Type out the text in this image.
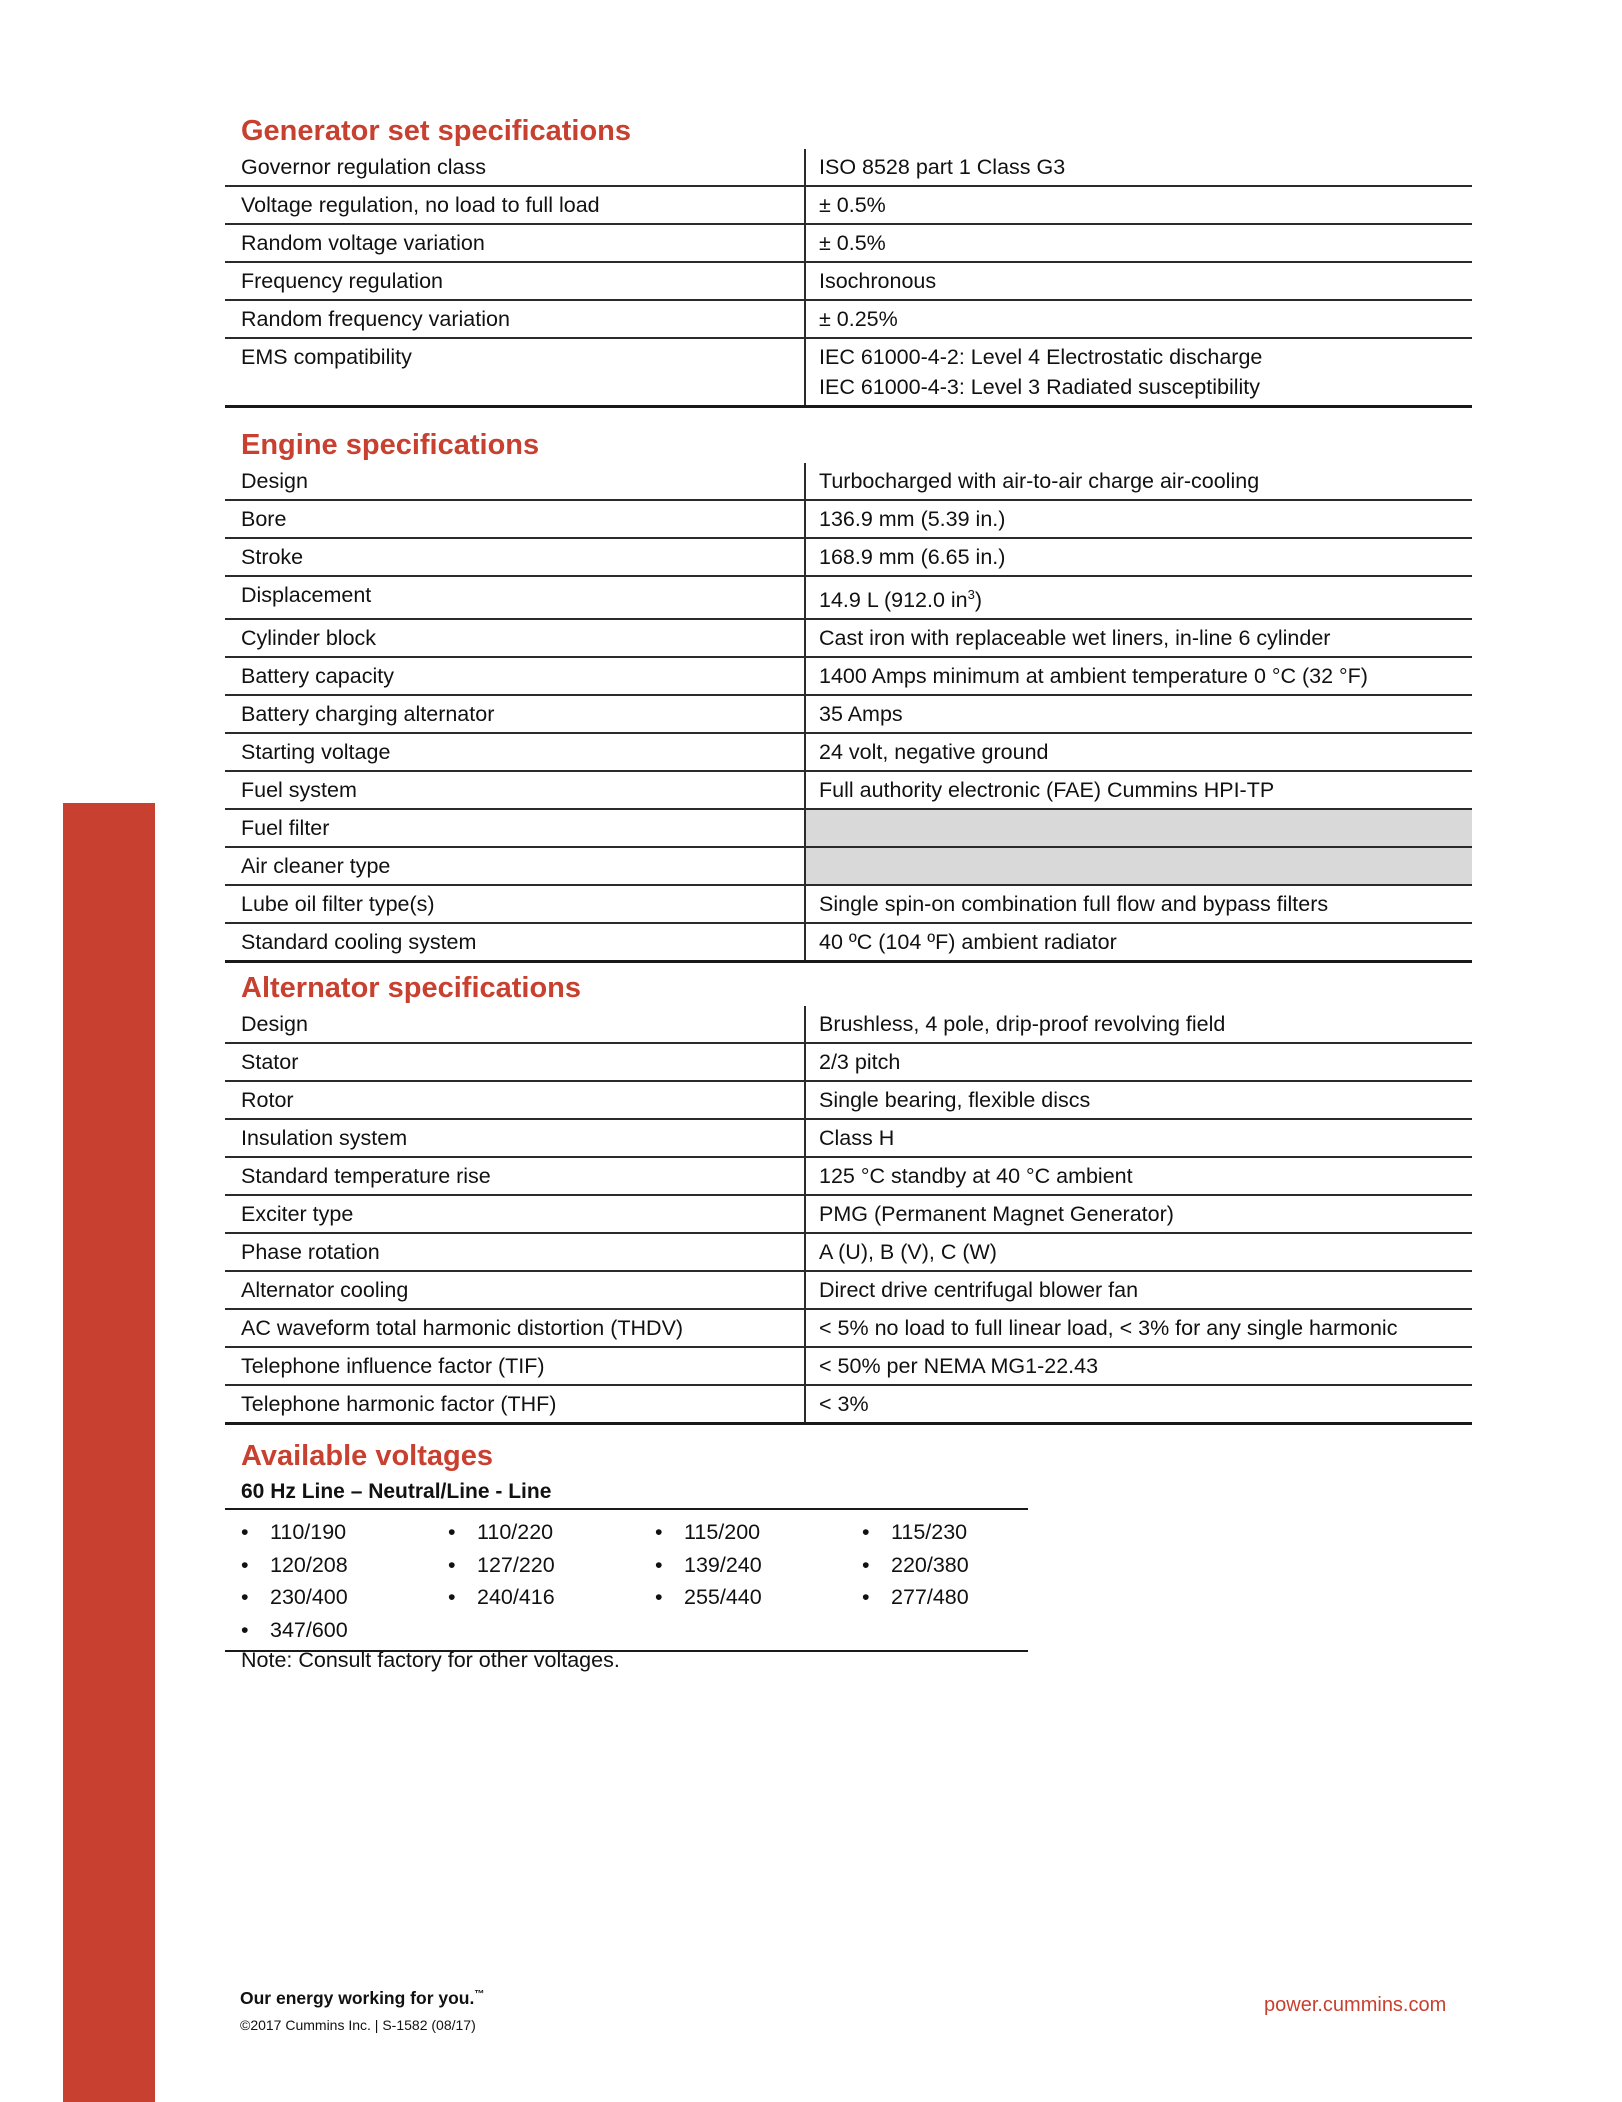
Generator set specifications
Governor regulation class	ISO 8528 part 1 Class G3
Voltage regulation, no load to full load	± 0.5%
Random voltage variation	± 0.5%
Frequency regulation	Isochronous
Random frequency variation	± 0.25%
EMS compatibility	IEC 61000-4-2: Level 4 Electrostatic discharge
IEC 61000-4-3: Level 3 Radiated susceptibility
Engine specifications
Design	Turbocharged with air-to-air charge air-cooling
Bore	136.9 mm (5.39 in.)
Stroke	168.9 mm (6.65 in.)
Displacement	14.9 L (912.0 $in^3$)
Cylinder block	Cast iron with replaceable wet liners, in-line 6 cylinder
Battery capacity	1400 Amps minimum at ambient temperature 0 °C (32 °F)
Battery charging alternator	35 Amps
Starting voltage	24 volt, negative ground
Fuel system	Full authority electronic (FAE) Cummins HPI-TP
Fuel filter	
Air cleaner type	
Lube oil filter type(s)	Single spin-on combination full flow and bypass filters
Standard cooling system	40 ºC (104 ºF) ambient radiator
Alternator specifications
Design	Brushless, 4 pole, drip-proof revolving field
Stator	2/3 pitch
Rotor	Single bearing, flexible discs
Insulation system	Class H
Standard temperature rise	125 °C standby at 40 °C ambient
Exciter type	PMG (Permanent Magnet Generator)
Phase rotation	A (U), B (V), C (W)
Alternator cooling	Direct drive centrifugal blower fan
AC waveform total harmonic distortion (THDV)	< 5% no load to full linear load, < 3% for any single harmonic
Telephone influence factor (TIF)	< 50% per NEMA MG1-22.43
Telephone harmonic factor (THF)	< 3%
Available voltages
60 Hz Line – Neutral/Line - Line
• 110/190	• 110/220	• 115/200	• 115/230
• 120/208	• 127/220	• 139/240	• 220/380
• 230/400	• 240/416	• 255/440	• 277/480
• 347/600
Note: Consult factory for other voltages.
Our energy working for you.™
©2017 Cummins Inc. | S-1582 (08/17)
power.cummins.com
